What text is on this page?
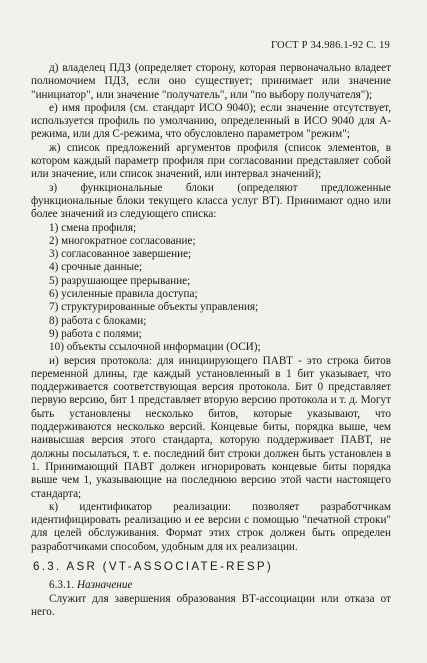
ГОСТ Р 34.986.1-92 С. 19

д) владелец ПДЗ (определяет сторону, которая первоначально владеет полномочием ПДЗ, если оно существует; принимает или значение "инициатор", или значение "получатель", или "по выбору получателя");

е) имя профиля (см. стандарт ИСО 9040); если значение отсутствует, используется профиль по умолчанию, определенный в ИСО 9040 для А-режима, или для С-режима, что обусловлено параметром "режим";

ж) список предложений аргументов профиля (список элементов, в котором каждый параметр профиля при согласовании представляет собой или значение, или список значений, или интервал значений);

з) функциональные блоки (определяют предложенные функциональные блоки текущего класса услуг ВТ). Принимают одно или более значений из следующего списка:

1) смена профиля;
2) многократное согласование;
3) согласованное завершение;
4) срочные данные;
5) разрушающее прерывание;
6) усиленные правила доступа;
7) структурированные объекты управления;
8) работа с блоками;
9) работа с полями;
10) объекты ссылочной информации (ОСИ);

и) версия протокола: для инициирующего ПАВТ - это строка битов переменной длины, где каждый установленный в 1 бит указывает, что поддерживается соответствующая версия протокола. Бит 0 представляет первую версию, бит 1 представляет вторую версию протокола и т. д. Могут быть установлены несколько битов, которые указывают, что поддерживаются несколько версий. Концевые биты, порядка выше, чем наивысшая версия этого стандарта, которую поддерживает ПАВТ, не должны посылаться, т. е. последний бит строки должен быть установлен в 1. Принимающий ПАВТ должен игнорировать концевые биты порядка выше чем 1, указывающие на последнюю версию этой части настоящего стандарта;

к) идентификатор реализации: позволяет разработчикам идентифицировать реализацию и ее версии с помощью "печатной строки" для целей обслуживания. Формат этих строк должен быть определен разработчиками способом, удобным для их реализации.

6.3. ASR (VT-ASSOCIATE-RESP)
6.3.1. Назначение

Служит для завершения образования ВТ-ассоциации или отказа от него.
